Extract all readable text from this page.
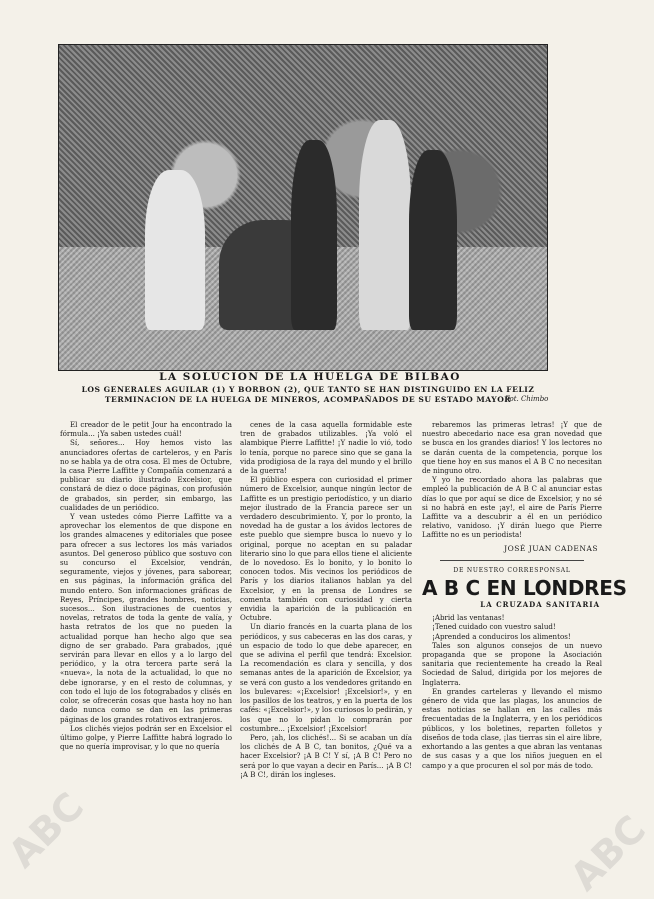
LA SOLUCION DE LA HUELGA DE BILBAO
LOS GENERALES AGUILAR (1) Y BORBON (2), QUE TANTO SE HAN DISTINGUIDO EN LA FELIZ TERMINACION DE LA HUELGA DE MINEROS, ACOMPAÑADOS DE SU ESTADO MAYOR
Fot. Chimbo

El creador de le petit Jour ha encontrado la fórmula... ¡Ya saben ustedes cuál!

Sí, señores... Hoy hemos visto las anunciadores ofertas de carteleros, y en París no se habla ya de otra cosa. El mes de Octubre, la casa Pierre Laffitte y Compañía comenzará a publicar su diario ilustrado Excelsior, que constará de diez o doce páginas, con profusión de grabados, sin perder, sin embargo, las cualidades de un periódico.

Y vean ustedes cómo Pierre Laffitte va a aprovechar los elementos de que dispone en los grandes almacenes y editoriales que posee para ofrecer a sus lectores los más variados asuntos. Del generoso público que sostuvo con su concurso el Excelsior, vendrán, seguramente, viejos y jóvenes, para saborear, en sus páginas, la información gráfica del mundo entero. Son informaciones gráficas de Reyes, Príncipes, grandes hombres, noticias, sucesos... Son ilustraciones de cuentos y novelas, retratos de toda la gente de valía, y hasta retratos de los que no pueden la actualidad porque han hecho algo que sea digno de ser grabado. Para grabados, ¡qué servirán para llevar en ellos y a lo largo del periódico, y la otra tercera parte será la «nueva», la nota de la actualidad, lo que no debe ignorarse, y en el resto de columnas, y con todo el lujo de los fotograbados y clisés en color, se ofrecerán cosas que hasta hoy no han dado nunca como se dan en las primeras páginas de los grandes rotativos extranjeros.

Los clichés viejos podrán ser en Excelsior el último golpe, y Pierre Laffitte habrá logrado lo que no quería improvisar, y lo que no quería

cenes de la casa aquella formidable este tren de grabados utilizables. ¡Ya voló el alambique Pierre Laffitte! ¡Y nadie lo vió, todo lo tenía, porque no parece sino que se gana la vida prodigiosa de la raya del mundo y el brillo de la guerra!

El público espera con curiosidad el primer número de Excelsior, aunque ningún lector de Laffitte es un prestigio periodístico, y un diario mejor ilustrado de la Francia parece ser un verdadero descubrimiento. Y, por lo pronto, la novedad ha de gustar a los ávidos lectores de este pueblo que siempre busca lo nuevo y lo original, porque no aceptan en su paladar literario sino lo que para ellos tiene el aliciente de lo novedoso. Es lo bonito, y lo bonito lo conocen todos. Mis vecinos los periódicos de París y los diarios italianos hablan ya del Excelsior, y en la prensa de Londres se comenta también con curiosidad y cierta envidia la aparición de la publicación en Octubre.

Un diario francés en la cuarta plana de los periódicos, y sus cabeceras en las dos caras, y un espacio de todo lo que debe aparecer, en que se adivina el perfil que tendrá: Excelsior. La recomendación es clara y sencilla, y dos semanas antes de la aparición de Excelsior, ya se verá con gusto a los vendedores gritando en los bulevares: «¡Excelsior! ¡Excelsior!», y en los pasillos de los teatros, y en la puerta de los cafés: «¡Excelsior!», y los curiosos lo pedirán, y los que no lo pidan lo comprarán por costumbre... ¡Excelsior! ¡Excelsior!

Pero, ¡ah, los clichés!... Si se acaban un día los clichés de A B C, tan bonitos, ¿Qué va a hacer Excelsior? ¡A B C! Y sí, ¡A B C! Pero no será por lo que vayan a decir en París... ¡A B C! ¡A B C!, dirán los ingleses.

rebaremos las primeras letras! ¡Y que de nuestro abecedario nace esa gran novedad que se busca en los grandes diarios! Y los lectores no se darán cuenta de la competencia, porque los que tiene hoy en sus manos el A B C no necesitan de ninguno otro.

Y yo he recordado ahora las palabras que empleó la publicación de A B C al anunciar estas días lo que por aquí se dice de Excelsior, y no sé si no habrá en este ¡ay!, el aire de París Pierre Laffitte va a descubrir a él en un periódico relativo, vanidoso. ¡Y dirán luego que Pierre Laffitte no es un periodista!

JOSÉ JUAN CADENAS
DE NUESTRO CORRESPONSAL
A B C EN LONDRES
LA CRUZADA SANITARIA

¡Abrid las ventanas!

¡Tened cuidado con vuestro salud!

¡Aprended a conduciros los alimentos!

Tales son algunos consejos de un nuevo propaganda que se propone la Asociación sanitaria que recientemente ha creado la Real Sociedad de Salud, dirigida por los mejores de Inglaterra.

En grandes carteleras y llevando el mismo género de vida que las plagas, los anuncios de estas noticias se hallan en las calles más frecuentadas de la Inglaterra, y en los periódicos públicos, y los boletines, reparten folletos y diseños de toda clase, ¡las tierras sin el aire libre, exhortando a las gentes a que abran las ventanas de sus casas y a que los niños jueguen en el campo y a que procuren el sol por más de todo.

ABC	ABC
